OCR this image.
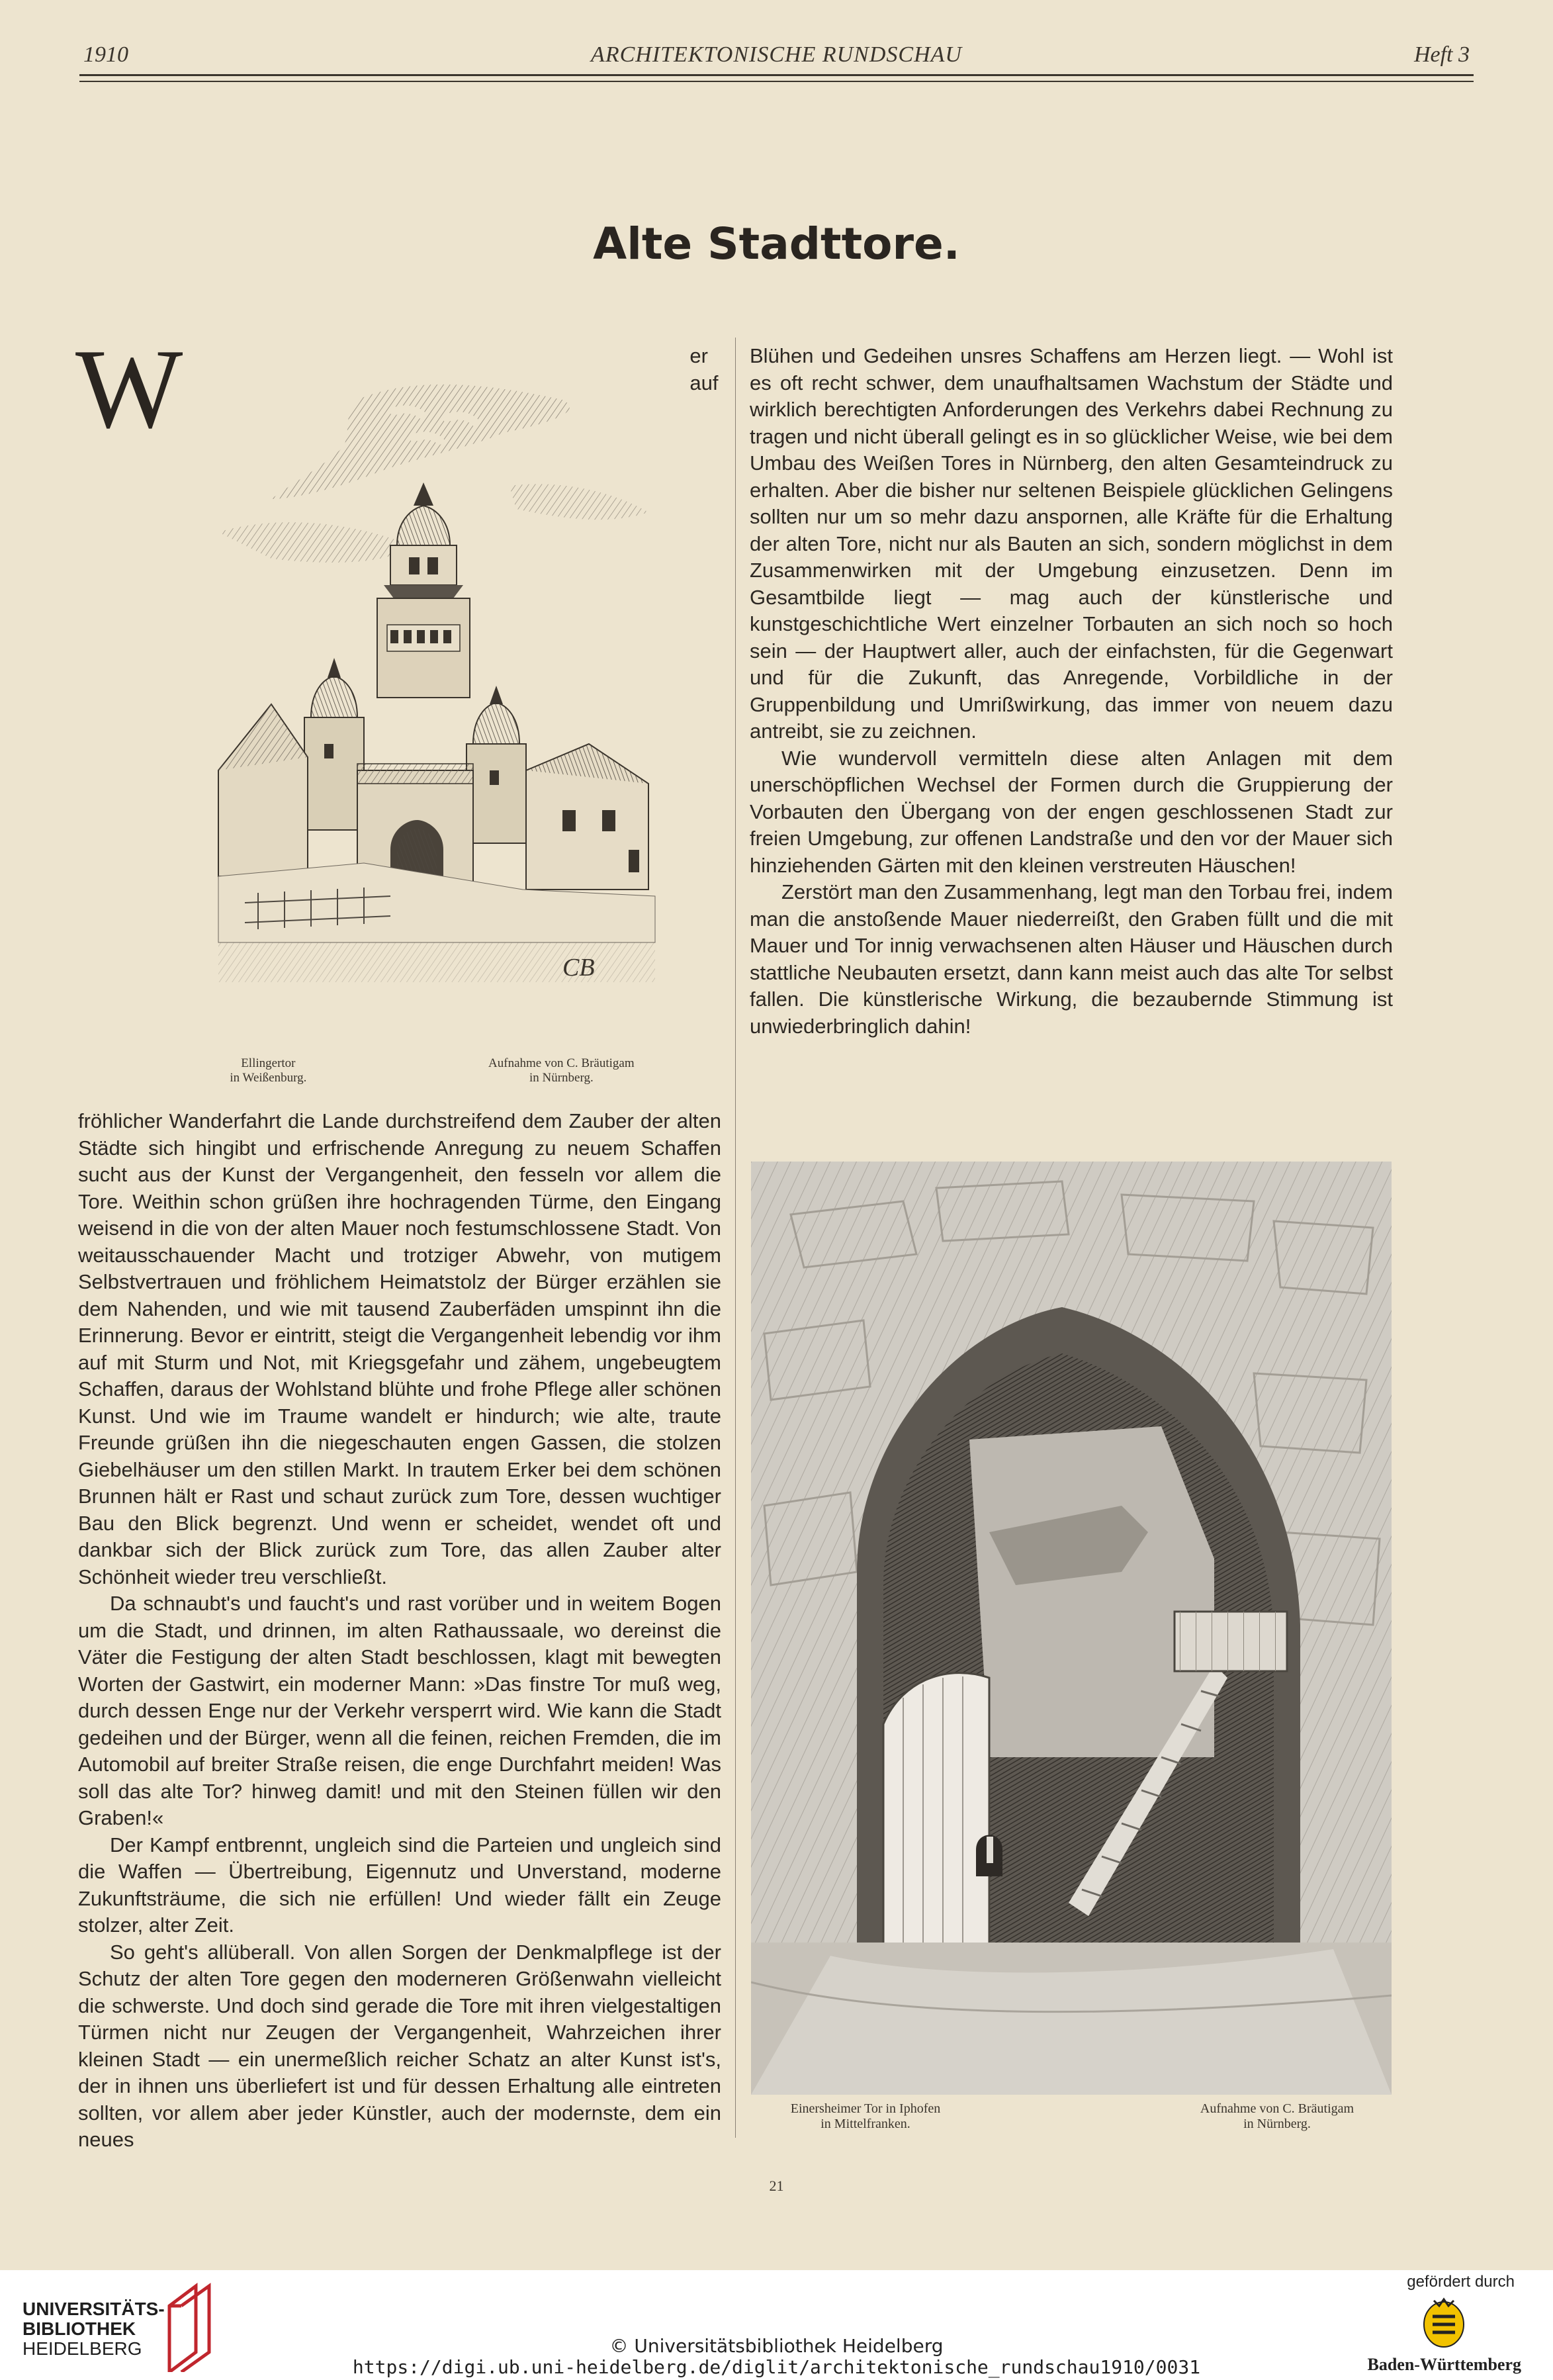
1910	ARCHITEKTONISCHE RUNDSCHAU	Heft 3
Alte Stadttore.

W
CB
Ellingertor
in Weißenburg.
Aufnahme von C. Bräutigam
in Nürnberg.
er auf fröhlicher Wanderfahrt die Lande durchstreifend dem Zauber der alten Städte sich hingibt und erfrischende Anregung zu neuem Schaffen sucht aus der Kunst der Vergangenheit, den fesseln vor allem die Tore. Weithin schon grüßen ihre hochragenden Türme, den Eingang weisend in die von der alten Mauer noch festumschlossene Stadt. Von weitausschauender Macht und trotziger Abwehr, von mutigem Selbstvertrauen und fröhlichem Heimatstolz der Bürger erzählen sie dem Nahenden, und wie mit tausend Zauberfäden umspinnt ihn die Erinnerung. Bevor er eintritt, steigt die Vergangenheit lebendig vor ihm auf mit Sturm und Not, mit Kriegsgefahr und zähem, ungebeugtem Schaffen, daraus der Wohlstand blühte und frohe Pflege aller schönen Kunst. Und wie im Traume wandelt er hindurch; wie alte, traute Freunde grüßen ihn die niegeschauten engen Gassen, die stolzen Giebelhäuser um den stillen Markt. In trautem Erker bei dem schönen Brunnen hält er Rast und schaut zurück zum Tore, dessen wuchtiger Bau den Blick begrenzt. Und wenn er scheidet, wendet oft und dankbar sich der Blick zurück zum Tore, das allen Zauber alter Schönheit wieder treu verschließt.

Da schnaubt's und faucht's und rast vorüber und in weitem Bogen um die Stadt, und drinnen, im alten Rathaussaale, wo dereinst die Väter die Festigung der alten Stadt beschlossen, klagt mit bewegten Worten der Gastwirt, ein moderner Mann: »Das finstre Tor muß weg, durch dessen Enge nur der Verkehr versperrt wird. Wie kann die Stadt gedeihen und der Bürger, wenn all die feinen, reichen Fremden, die im Automobil auf breiter Straße reisen, die enge Durchfahrt meiden! Was soll das alte Tor? hinweg damit! und mit den Steinen füllen wir den Graben!«

Der Kampf entbrennt, ungleich sind die Parteien und ungleich sind die Waffen — Übertreibung, Eigennutz und Unverstand, moderne Zukunftsträume, die sich nie erfüllen! Und wieder fällt ein Zeuge stolzer, alter Zeit.

So geht's allüberall. Von allen Sorgen der Denkmalpflege ist der Schutz der alten Tore gegen den moderneren Größenwahn vielleicht die schwerste. Und doch sind gerade die Tore mit ihren vielgestaltigen Türmen nicht nur Zeugen der Vergangenheit, Wahrzeichen ihrer kleinen Stadt — ein unermeßlich reicher Schatz an alter Kunst ist's, der in ihnen uns überliefert ist und für dessen Erhaltung alle eintreten sollten, vor allem aber jeder Künstler, auch der modernste, dem ein neues

Blühen und Gedeihen unsres Schaffens am Herzen liegt. — Wohl ist es oft recht schwer, dem unaufhaltsamen Wachstum der Städte und wirklich berechtigten Anforderungen des Verkehrs dabei Rechnung zu tragen und nicht überall gelingt es in so glücklicher Weise, wie bei dem Umbau des Weißen Tores in Nürnberg, den alten Gesamteindruck zu erhalten. Aber die bisher nur seltenen Beispiele glücklichen Gelingens sollten nur um so mehr dazu anspornen, alle Kräfte für die Erhaltung der alten Tore, nicht nur als Bauten an sich, sondern möglichst in dem Zusammenwirken mit der Umgebung einzusetzen. Denn im Gesamtbilde liegt — mag auch der künstlerische und kunstgeschichtliche Wert einzelner Torbauten an sich noch so hoch sein — der Hauptwert aller, auch der einfachsten, für die Gegenwart und für die Zukunft, das Anregende, Vorbildliche in der Gruppenbildung und Umrißwirkung, das immer von neuem dazu antreibt, sie zu zeichnen.

Wie wundervoll vermitteln diese alten Anlagen mit dem unerschöpflichen Wechsel der Formen durch die Gruppierung der Vorbauten den Übergang von der engen geschlossenen Stadt zur freien Umgebung, zur offenen Landstraße und den vor der Mauer sich hinziehenden Gärten mit den kleinen verstreuten Häuschen!

Zerstört man den Zusammenhang, legt man den Torbau frei, indem man die anstoßende Mauer niederreißt, den Graben füllt und die mit Mauer und Tor innig verwachsenen alten Häuser und Häuschen durch stattliche Neubauten ersetzt, dann kann meist auch das alte Tor selbst fallen. Die künstlerische Wirkung, die bezaubernde Stimmung ist unwiederbringlich dahin!

Einersheimer Tor in Iphofen
in Mittelfranken.
Aufnahme von C. Bräutigam
in Nürnberg.
21
UNIVERSITÄTS-
BIBLIOTHEK
HEIDELBERG	© Universitätsbibliothek Heidelberg
https://digi.ub.uni-heidelberg.de/diglit/architektonische_rundschau1910/0031
gefördert durch
Baden-Württemberg
